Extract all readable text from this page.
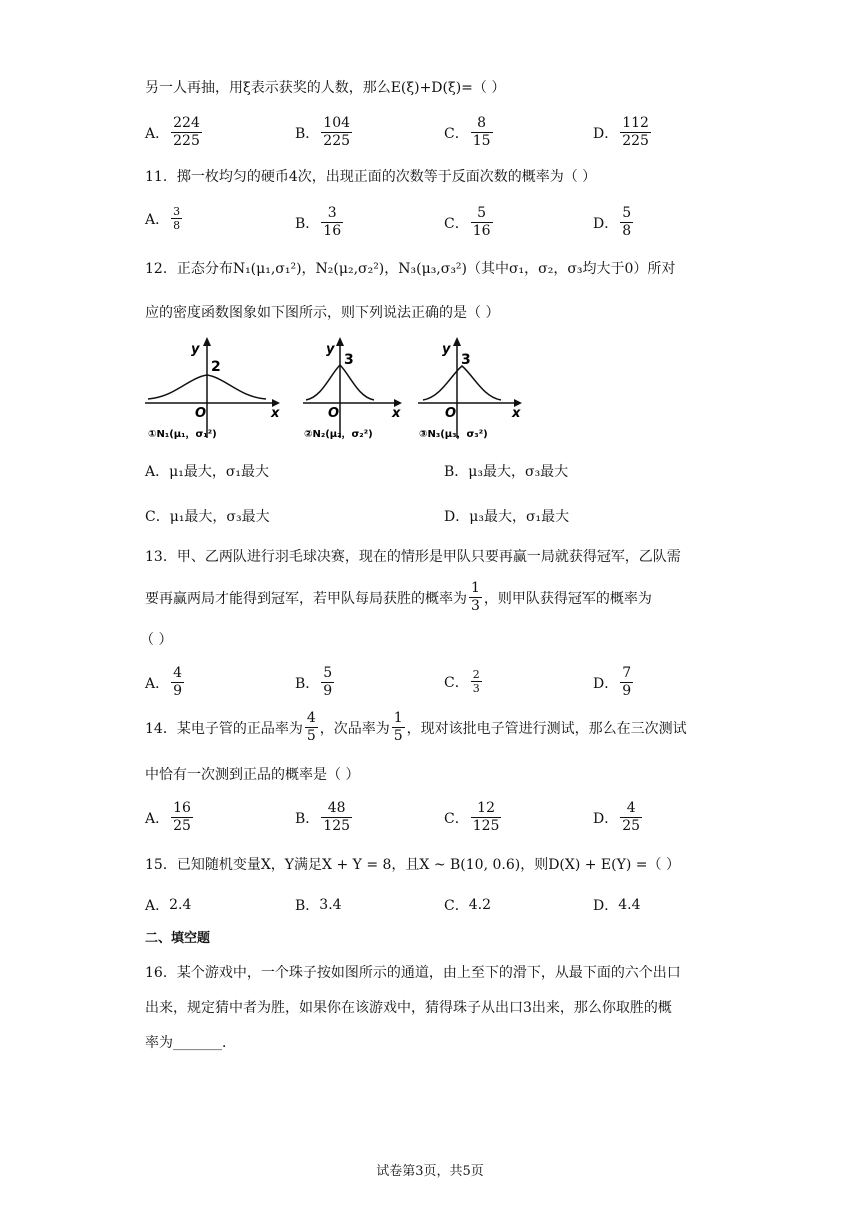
另一人再抽，用ξ表示获奖的人数，那么E(ξ)+D(ξ)=（ ）
A． $\frac{224}{225}$	B． $\frac{104}{225}$	C． $\frac{8}{15}$	D． $\frac{112}{225}$
11．掷一枚均匀的硬币4次，出现正面的次数等于反面次数的概率为（ ）
A． $\frac{3}{8}$	B． $\frac{3}{16}$	C． $\frac{5}{16}$	D． $\frac{5}{8}$
12．正态分布N₁(μ₁,σ₁²)，N₂(μ₂,σ₂²)，N₃(μ₃,σ₃²)（其中σ₁，σ₂，σ₃均大于0）所对
应的密度函数图象如下图所示，则下列说法正确的是（ ）
y
2
O	x
①N₁(μ₁，σ₁²)
y
3
O	x
②N₂(μ₂，σ₂²)
y
3
O	x
③N₃(μ₃，σ₃²)
A． μ₁最大，σ₁最大	B． μ₃最大，σ₃最大
C． μ₁最大，σ₃最大	D． μ₃最大，σ₁最大
13．甲、乙两队进行羽毛球决赛，现在的情形是甲队只要再赢一局就获得冠军，乙队需
要再赢两局才能得到冠军，若甲队每局获胜的概率为 $\frac{1}{3}$ ，则甲队获得冠军的概率为
（ ）
A． $\frac{4}{9}$	B． $\frac{5}{9}$	C． $\frac{2}{3}$	D． $\frac{7}{9}$
14．某电子管的正品率为 $\frac{4}{5}$ ，次品率为 $\frac{1}{5}$ ，现对该批电子管进行测试，那么在三次测试
中恰有一次测到正品的概率是（ ）
A． $\frac{16}{25}$	B． $\frac{48}{125}$	C． $\frac{12}{125}$	D． $\frac{4}{25}$
15．已知随机变量X，Y满足X + Y = 8，且X ~ B(10, 0.6)，则D(X) + E(Y) =（ ）
A． 2.4	B． 3.4	C． 4.2	D． 4.4
二、填空题
16．某个游戏中，一个珠子按如图所示的通道，由上至下的滑下，从最下面的六个出口
出来，规定猜中者为胜，如果你在该游戏中，猜得珠子从出口3出来，那么你取胜的概
率为_______．
试卷第3页，共5页
